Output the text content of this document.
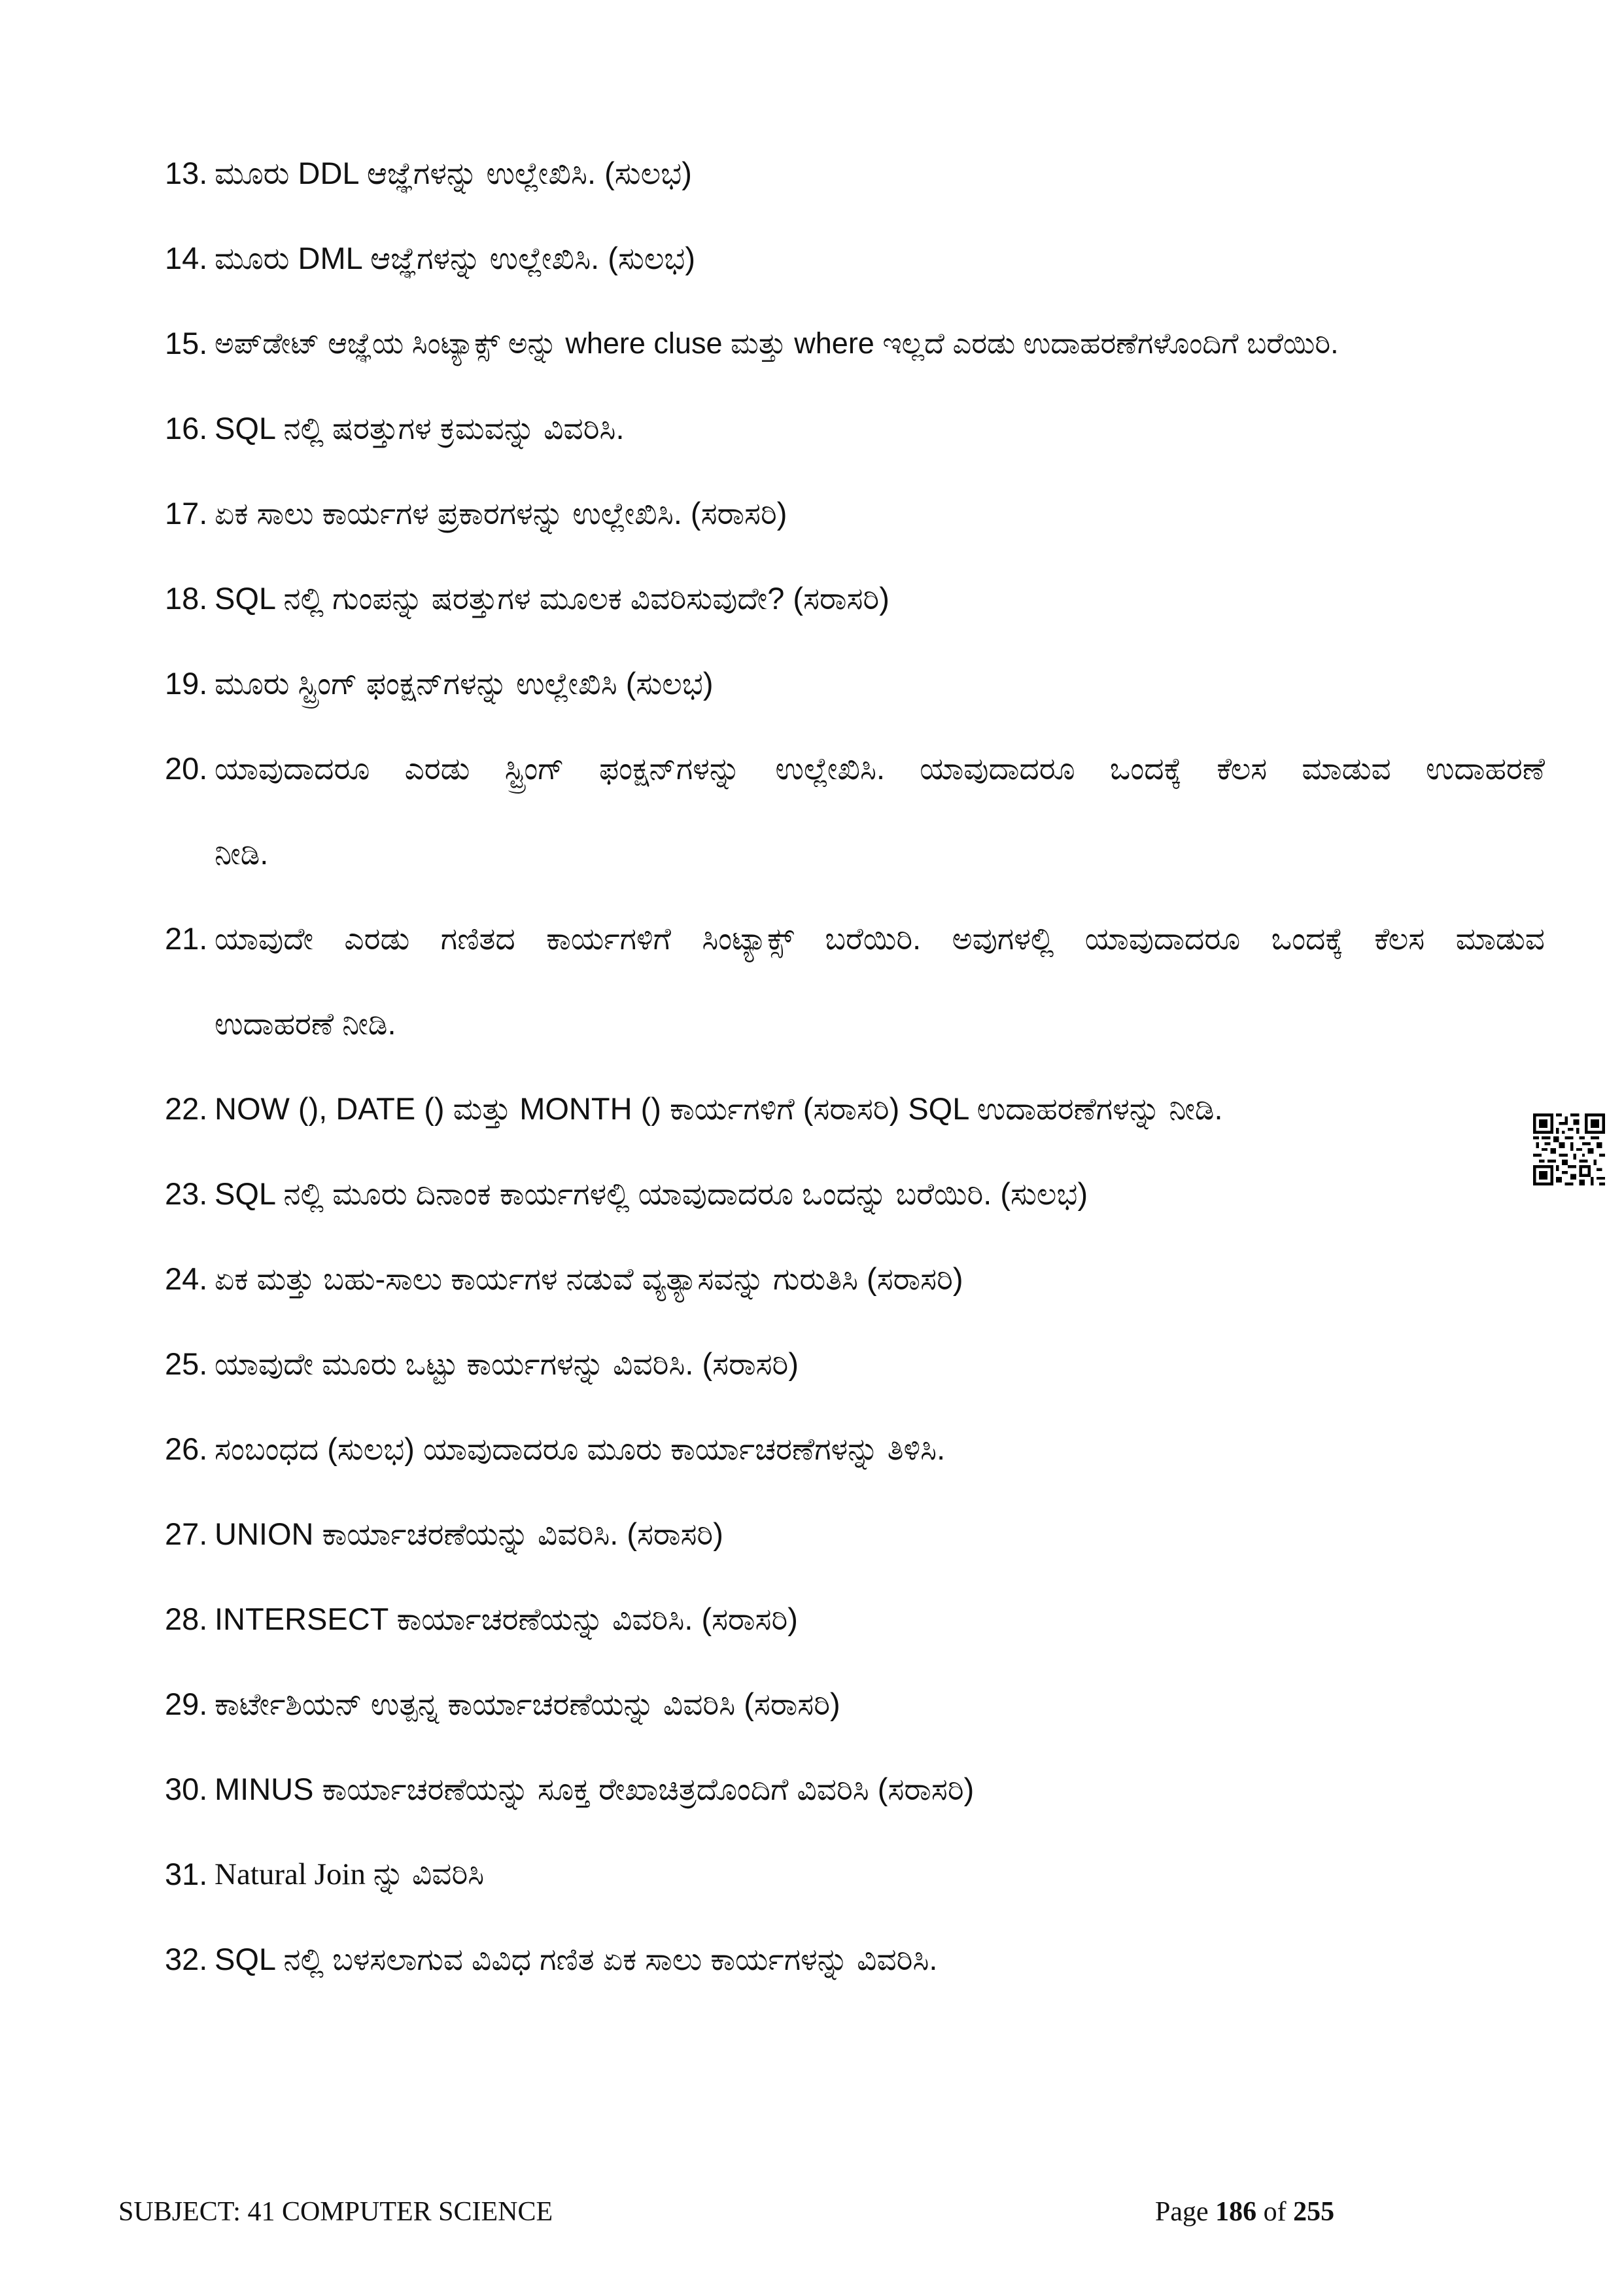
13. ಮೂರು DDL ಆಜ್ಞೆಗಳನ್ನು ಉಲ್ಲೇಖಿಸಿ. (ಸುಲಭ)
14. ಮೂರು DML ಆಜ್ಞೆಗಳನ್ನು ಉಲ್ಲೇಖಿಸಿ. (ಸುಲಭ)
15. ಅಪ್‌ಡೇಟ್ ಆಜ್ಞೆಯ ಸಿಂಟ್ಯಾಕ್ಸ್ ಅನ್ನು where cluse ಮತ್ತು where ಇಲ್ಲದೆ ಎರಡು ಉದಾಹರಣೆಗಳೊಂದಿಗೆ ಬರೆಯಿರಿ.
16. SQL ನಲ್ಲಿ ಷರತ್ತುಗಳ ಕ್ರಮವನ್ನು ವಿವರಿಸಿ.
17. ಏಕ ಸಾಲು ಕಾರ್ಯಗಳ ಪ್ರಕಾರಗಳನ್ನು ಉಲ್ಲೇಖಿಸಿ. (ಸರಾಸರಿ)
18. SQL ನಲ್ಲಿ ಗುಂಪನ್ನು ಷರತ್ತುಗಳ ಮೂಲಕ ವಿವರಿಸುವುದೇ? (ಸರಾಸರಿ)
19. ಮೂರು ಸ್ಟ್ರಿಂಗ್ ಫಂಕ್ಷನ್‌ಗಳನ್ನು ಉಲ್ಲೇಖಿಸಿ (ಸುಲಭ)
20. ಯಾವುದಾದರೂ ಎರಡು ಸ್ಟ್ರಿಂಗ್ ಫಂಕ್ಷನ್‌ಗಳನ್ನು ಉಲ್ಲೇಖಿಸಿ. ಯಾವುದಾದರೂ ಒಂದಕ್ಕೆ ಕೆಲಸ ಮಾಡುವ ಉದಾಹರಣೆ
ನೀಡಿ.
21. ಯಾವುದೇ ಎರಡು ಗಣಿತದ ಕಾರ್ಯಗಳಿಗೆ ಸಿಂಟ್ಯಾಕ್ಸ್ ಬರೆಯಿರಿ. ಅವುಗಳಲ್ಲಿ ಯಾವುದಾದರೂ ಒಂದಕ್ಕೆ ಕೆಲಸ ಮಾಡುವ
ಉದಾಹರಣೆ ನೀಡಿ.
22. NOW (), DATE () ಮತ್ತು MONTH () ಕಾರ್ಯಗಳಿಗೆ (ಸರಾಸರಿ) SQL ಉದಾಹರಣೆಗಳನ್ನು ನೀಡಿ.
23. SQL ನಲ್ಲಿ ಮೂರು ದಿನಾಂಕ ಕಾರ್ಯಗಳಲ್ಲಿ ಯಾವುದಾದರೂ ಒಂದನ್ನು ಬರೆಯಿರಿ. (ಸುಲಭ)
24. ಏಕ ಮತ್ತು ಬಹು-ಸಾಲು ಕಾರ್ಯಗಳ ನಡುವೆ ವ್ಯತ್ಯಾಸವನ್ನು ಗುರುತಿಸಿ (ಸರಾಸರಿ)
25. ಯಾವುದೇ ಮೂರು ಒಟ್ಟು ಕಾರ್ಯಗಳನ್ನು ವಿವರಿಸಿ. (ಸರಾಸರಿ)
26. ಸಂಬಂಧದ (ಸುಲಭ) ಯಾವುದಾದರೂ ಮೂರು ಕಾರ್ಯಾಚರಣೆಗಳನ್ನು ತಿಳಿಸಿ.
27. UNION ಕಾರ್ಯಾಚರಣೆಯನ್ನು ವಿವರಿಸಿ. (ಸರಾಸರಿ)
28. INTERSECT ಕಾರ್ಯಾಚರಣೆಯನ್ನು ವಿವರಿಸಿ. (ಸರಾಸರಿ)
29. ಕಾರ್ಟೇಶಿಯನ್ ಉತ್ಪನ್ನ ಕಾರ್ಯಾಚರಣೆಯನ್ನು ವಿವರಿಸಿ (ಸರಾಸರಿ)
30. MINUS ಕಾರ್ಯಾಚರಣೆಯನ್ನು ಸೂಕ್ತ ರೇಖಾಚಿತ್ರದೊಂದಿಗೆ ವಿವರಿಸಿ (ಸರಾಸರಿ)
31. Natural Join ನ್ನು ವಿವರಿಸಿ
32. SQL ನಲ್ಲಿ ಬಳಸಲಾಗುವ ವಿವಿಧ ಗಣಿತ ಏಕ ಸಾಲು ಕಾರ್ಯಗಳನ್ನು ವಿವರಿಸಿ.
SUBJECT: 41 COMPUTER SCIENCE	Page 186 of 255
